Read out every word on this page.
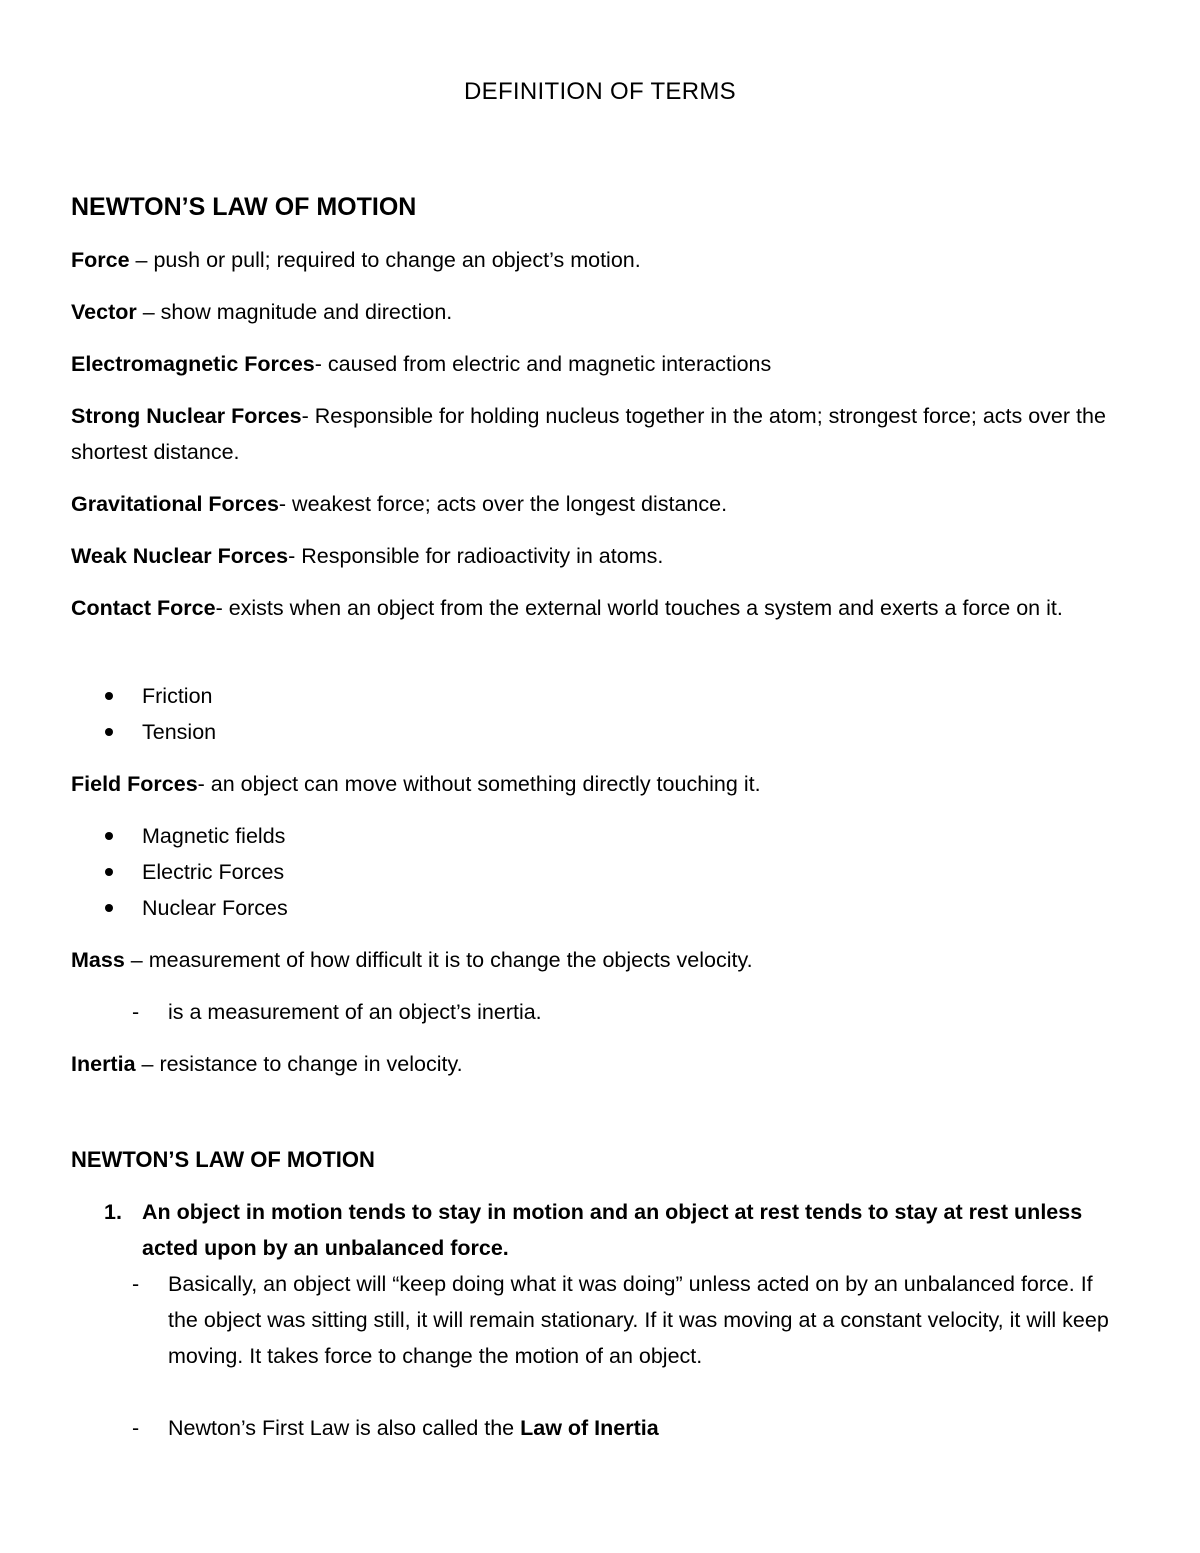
DEFINITION OF TERMS
NEWTON’S LAW OF MOTION

Force – push or pull; required to change an object’s motion.

Vector – show magnitude and direction.

Electromagnetic Forces- caused from electric and magnetic interactions

Strong Nuclear Forces- Responsible for holding nucleus together in the atom; strongest force; acts over the shortest distance.

Gravitational Forces- weakest force; acts over the longest distance.

Weak Nuclear Forces- Responsible for radioactivity in atoms.

Contact Force- exists when an object from the external world touches a system and exerts a force on it.

Friction
Tension

Field Forces- an object can move without something directly touching it.

Magnetic fields
Electric Forces
Nuclear Forces

Mass – measurement of how difficult it is to change the objects velocity.

- is a measurement of an object’s inertia.

Inertia – resistance to change in velocity.

NEWTON’S LAW OF MOTION

1. An object in motion tends to stay in motion and an object at rest tends to stay at rest unless acted upon by an unbalanced force.

- Basically, an object will “keep doing what it was doing” unless acted on by an unbalanced force. If the object was sitting still, it will remain stationary. If it was moving at a constant velocity, it will keep moving. It takes force to change the motion of an object.

- Newton’s First Law is also called the Law of Inertia
